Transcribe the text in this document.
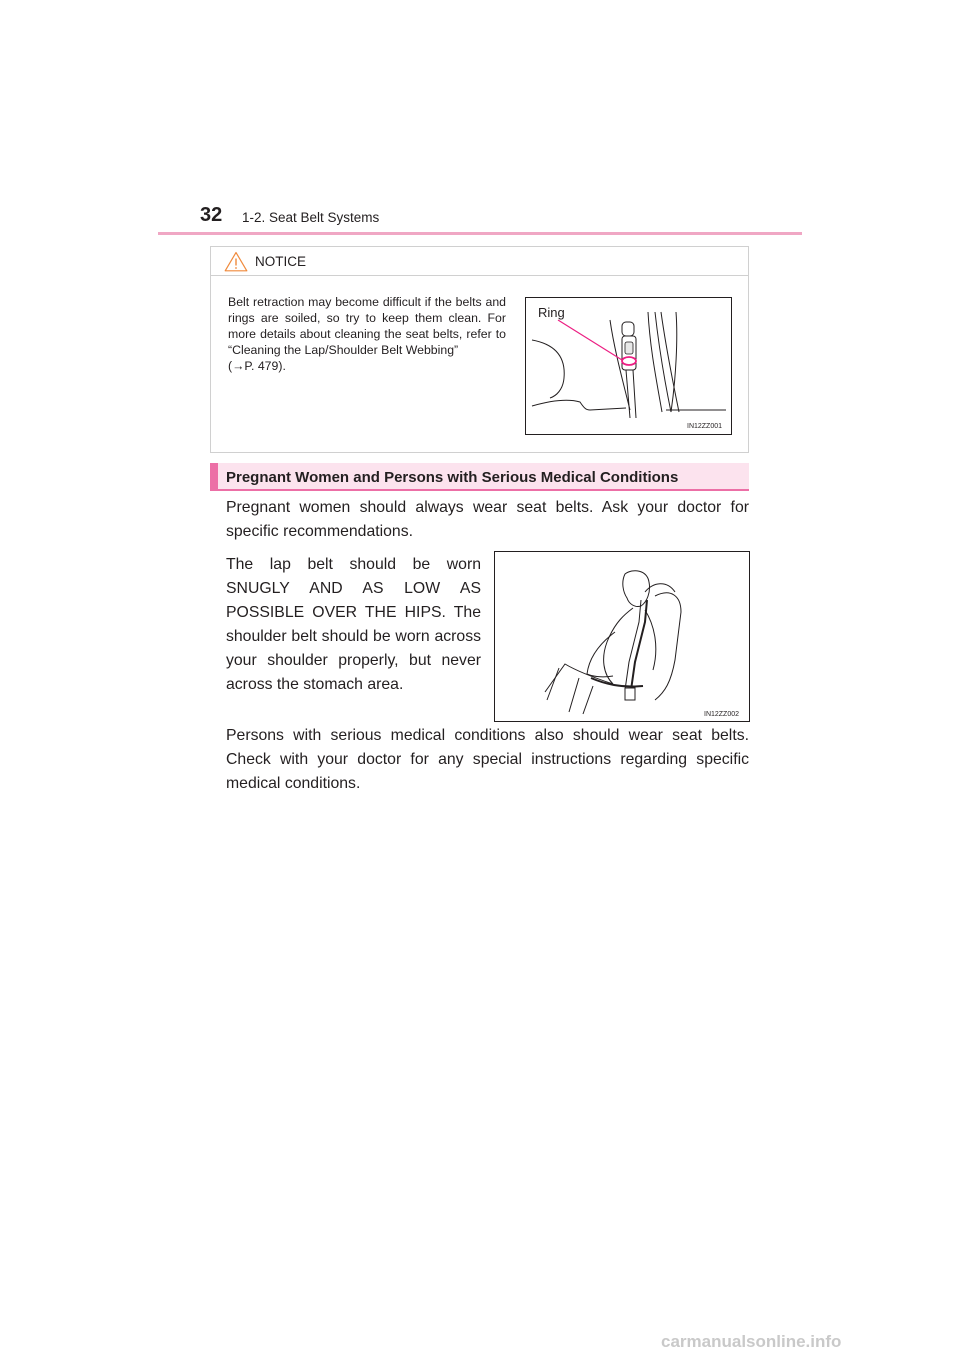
32 1-2. Seat Belt Systems
NOTICE
Belt retraction may become difficult if the belts and rings are soiled, so try to keep them clean. For more details about cleaning the seat belts, refer to “Cleaning the Lap/Shoulder Belt Webbing”
(→P. 479).
Ring
IN12ZZ001
Pregnant Women and Persons with Serious Medical Conditions
Pregnant women should always wear seat belts. Ask your doctor for specific recommendations.
The lap belt should be worn SNUGLY AND AS LOW AS POSSIBLE OVER THE HIPS. The shoulder belt should be worn across your shoulder properly, but never across the stomach area.
Persons with serious medical conditions also should wear seat belts. Check with your doctor for any special instructions regarding specific medical conditions.
IN12ZZ002
carmanualsonline.info
